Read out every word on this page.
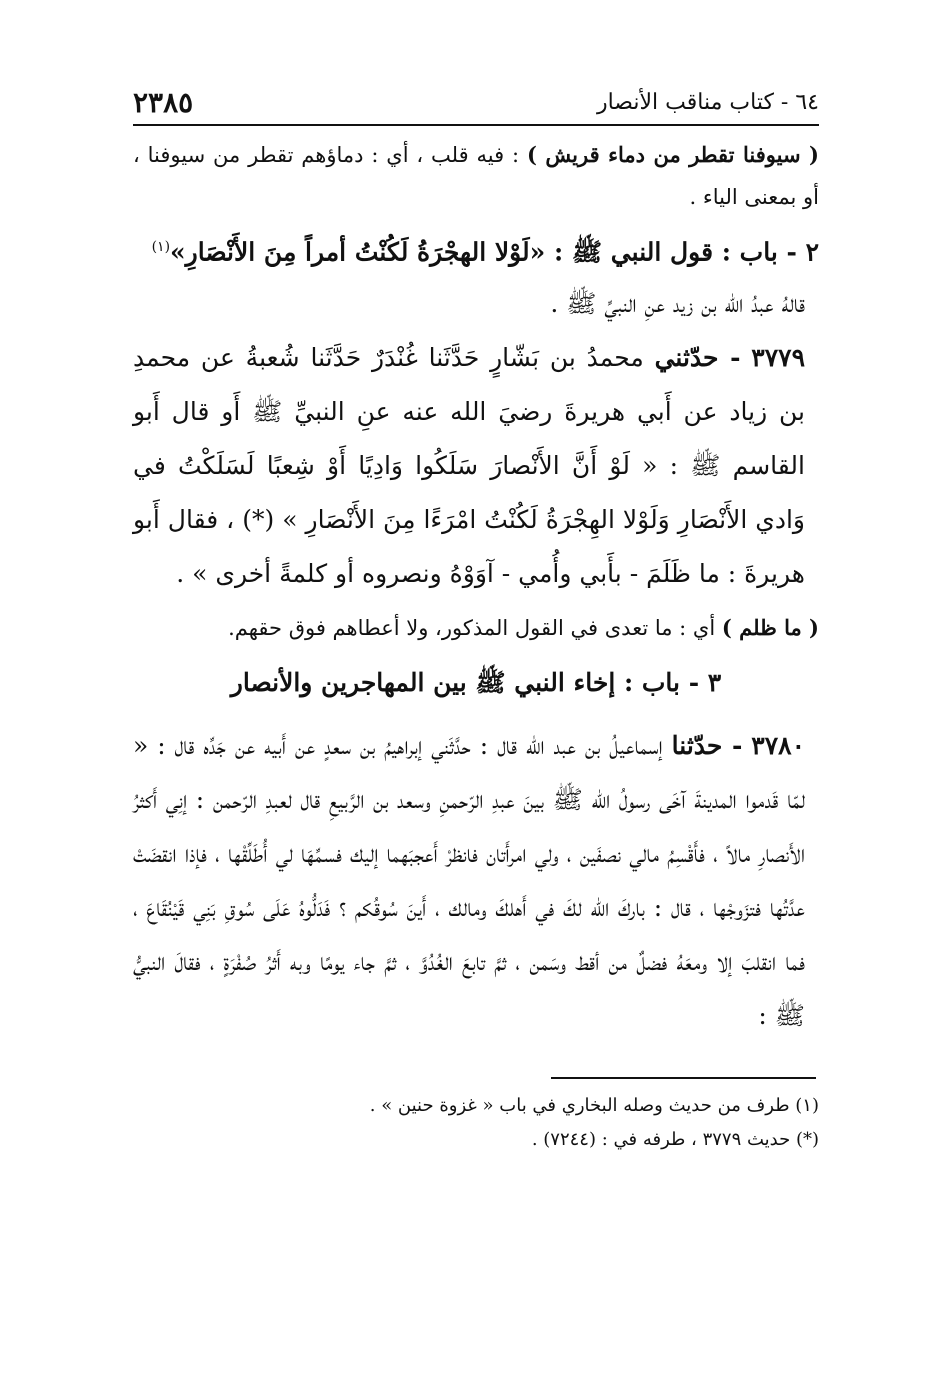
٦٤ - كتاب مناقب الأنصار
٢٣٨٥

( سيوفنا تقطر من دماء قريش ) : فيه قلب ، أي : دماؤهم تقطر من سيوفنا ، أو بمعنى الياء .

٢ - باب : قول النبي ﷺ : «لَوْلا الهجْرَةُ لَكُنْتُ أمراً مِنَ الأَنْصَارِ»$^{(١)}$

قالهُ عبدُ الله بن زيد عنِ النبيِّ ﷺ .

٣٧٧٩ - حدّثني محمدُ بن بَشّارٍ حَدَّثَنا غُنْدَرٌ حَدَّثَنا شُعبةُ عن محمدِ بن زياد عن أَبي هريرةَ رضيَ الله عنه عنِ النبيِّ ﷺ أَو قال أَبو القاسم ﷺ : « لَوْ أَنَّ الأَنْصارَ سَلَكُوا وَادِيًا أَوْ شِعبًا لَسَلَكْتُ في وَادي الأَنْصَارِ وَلَوْلا الهِجْرَةُ لَكُنْتُ امْرَءًا مِنَ الأَنْصَارِ » (*) ، فقال أَبو هريرةَ : ما ظَلَمَ - بأَبي وأُمي - آوَوْهُ ونصروه أو كلمةً أخرى » .

( ما ظلم ) أي : ما تعدى في القول المذكور، ولا أعطاهم فوق حقهم.

٣ - باب : إخاء النبي ﷺ بين المهاجرين والأنصار

٣٧٨٠ - حدّثنا إسماعيلُ بن عبد الله قال : حدَّثَني إبراهيمُ بن سعدٍ عن أَبيه عن جَدِّه قال : « لمّا قَدموا المدينةَ آخَى رسولُ الله ﷺ بينَ عبدِ الرّحمنِ وسعد بن الرَّبيعِ قال لعبدِ الرّحمن : إنِي أَكثرُ الأَنصارِ مالاً ، فأَقْسِمُ مالي نصفَين ، ولي امرأَتان فانظرْ أَعجبَهما إليك فسمِّهَا لي أُطَلِّقْها ، فإذا انقضَتْ عدَّتُها فتزَوجْها ، قال : باركَ الله لكَ في أَهلكَ ومالك ، أَينَ سُوقُكم ؟ فَدَلُّوهُ عَلَى سُوقِ بَنِي قَيْنُقَاعَ ، فما انقلبَ إلا ومعَهُ فضلٌ من أقط وسَمن ، ثمَّ تابعَ الغُدُوَّ ، ثمَّ جاء يومًا وبه أَثرُ صُفْرَةٍ ، فقالَ النبيُّ ﷺ :

(١) طرف من حديث وصله البخاري في باب « غزوة حنين » .
(*) حديث ٣٧٧٩ ، طرفه في : (٧٢٤٤) .
